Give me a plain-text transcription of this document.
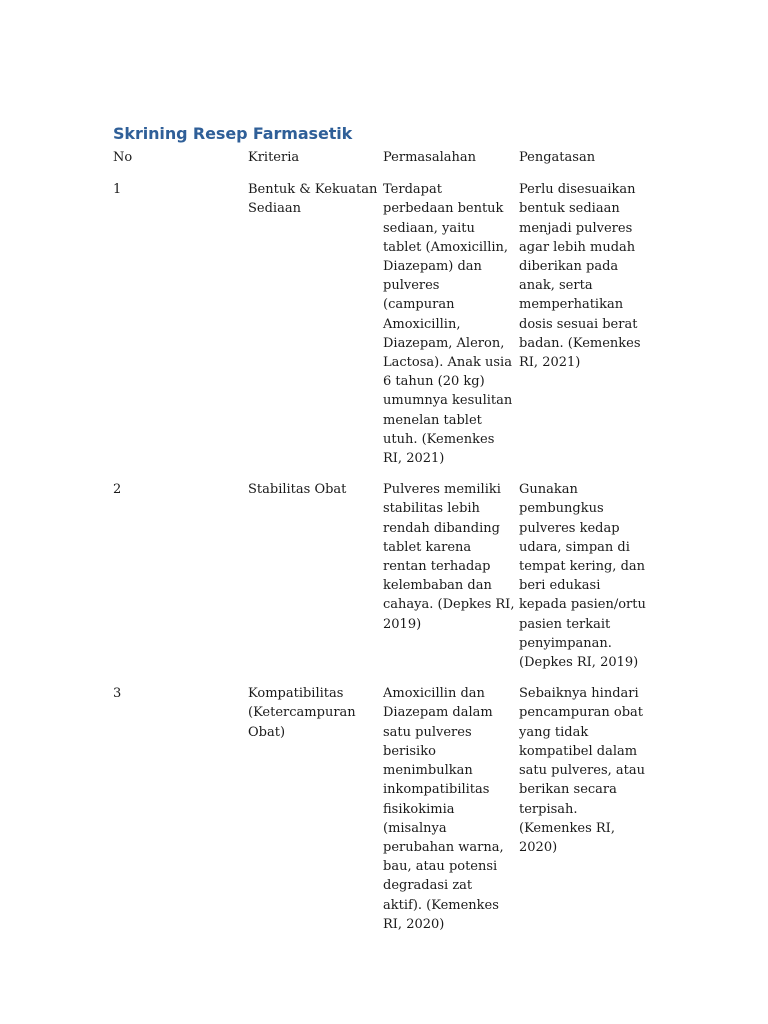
Skrining Resep Farmasetik
No	Kriteria	Permasalahan	Pengatasan

1	Bentuk & Kekuatan Sediaan	Terdapat perbedaan bentuk sediaan, yaitu tablet (Amoxicillin, Diazepam) dan pulveres (campuran Amoxicillin, Diazepam, Aleron, Lactosa). Anak usia 6 tahun (20 kg) umumnya kesulitan menelan tablet utuh. (Kemenkes RI, 2021)	Perlu disesuaikan bentuk sediaan menjadi pulveres agar lebih mudah diberikan pada anak, serta memperhatikan dosis sesuai berat badan. (Kemenkes RI, 2021)

2	Stabilitas Obat	Pulveres memiliki stabilitas lebih rendah dibanding tablet karena rentan terhadap kelembaban dan cahaya. (Depkes RI, 2019)	Gunakan pembungkus pulveres kedap udara, simpan di tempat kering, dan beri edukasi kepada pasien/ortu pasien terkait penyimpanan. (Depkes RI, 2019)

3	Kompatibilitas (Ketercampuran Obat)	Amoxicillin dan Diazepam dalam satu pulveres berisiko menimbulkan inkompatibilitas fisikokimia (misalnya perubahan warna, bau, atau potensi degradasi zat aktif). (Kemenkes RI, 2020)	Sebaiknya hindari pencampuran obat yang tidak kompatibel dalam satu pulveres, atau berikan secara terpisah. (Kemenkes RI, 2020)
